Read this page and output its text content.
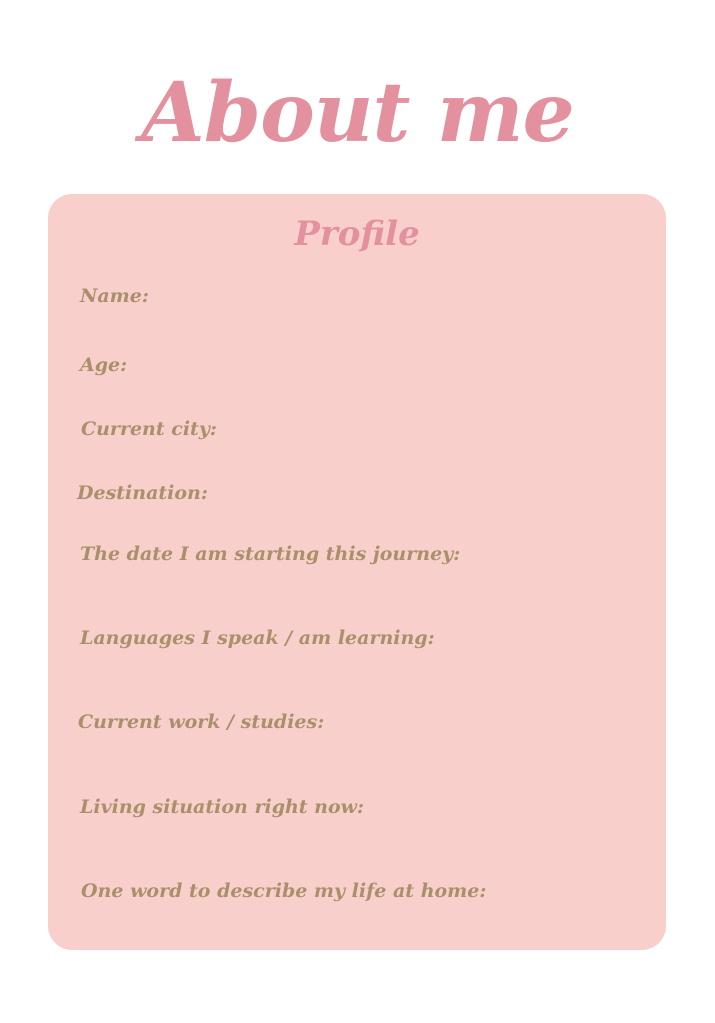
About me
Profile
Name:
Age:
Current city:
Destination:
The date I am starting this journey:
Languages I speak / am learning:
Current work / studies:
Living situation right now:
One word to describe my life at home:
